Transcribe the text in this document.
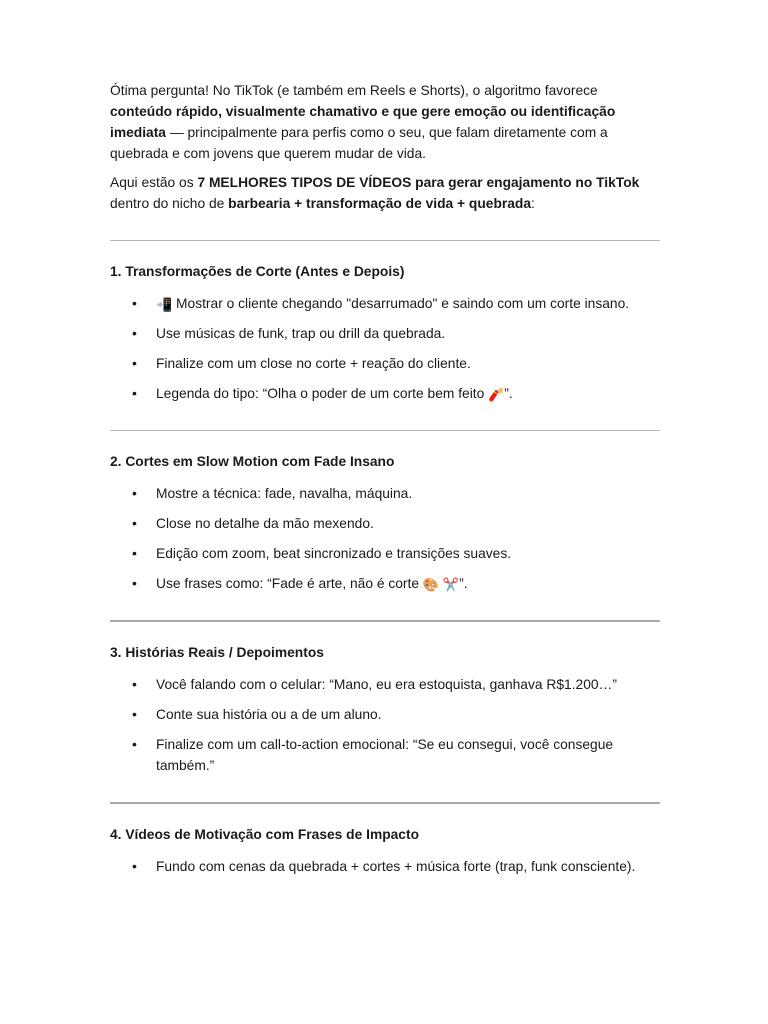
Ótima pergunta! No TikTok (e também em Reels e Shorts), o algoritmo favorece conteúdo rápido, visualmente chamativo e que gere emoção ou identificação imediata — principalmente para perfis como o seu, que falam diretamente com a quebrada e com jovens que querem mudar de vida.

Aqui estão os 7 MELHORES TIPOS DE VÍDEOS para gerar engajamento no TikTok dentro do nicho de barbearia + transformação de vida + quebrada:

1. Transformações de Corte (Antes e Depois)
• 📲 Mostrar o cliente chegando "desarrumado" e saindo com um corte insano.
• Use músicas de funk, trap ou drill da quebrada.
• Finalize com um close no corte + reação do cliente.
• Legenda do tipo: “Olha o poder de um corte bem feito 🧨”.
2. Cortes em Slow Motion com Fade Insano
• Mostre a técnica: fade, navalha, máquina.
• Close no detalhe da mão mexendo.
• Edição com zoom, beat sincronizado e transições suaves.
• Use frases como: “Fade é arte, não é corte 🎨 ✂️”.
3. Histórias Reais / Depoimentos
• Você falando com o celular: “Mano, eu era estoquista, ganhava R$1.200…”
• Conte sua história ou a de um aluno.
• Finalize com um call-to-action emocional: “Se eu consegui, você consegue também.”
4. Vídeos de Motivação com Frases de Impacto
• Fundo com cenas da quebrada + cortes + música forte (trap, funk consciente).
